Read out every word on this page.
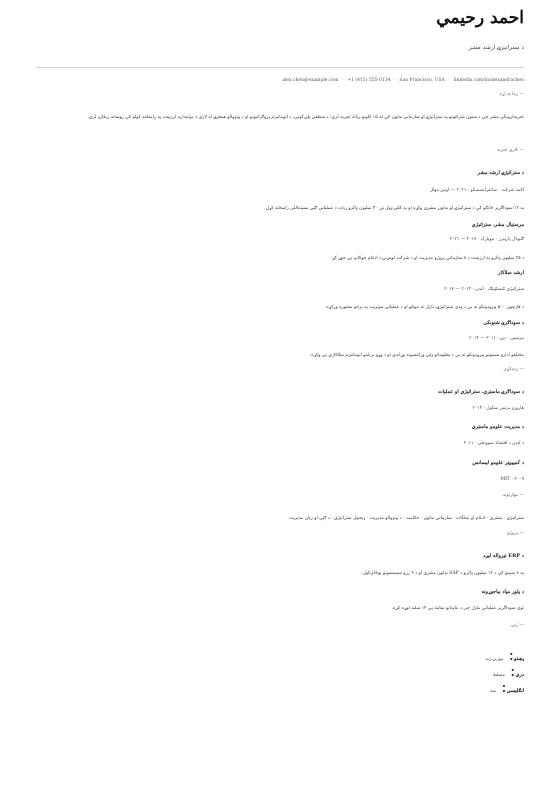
احمد رحيمي
د ستراتيژۍ ارشد مشر
alex.chen@example.com · +1 (415) 555-0134 · San Francisco, USA · linkedin.com/in/alexandrachen
— زما په اړه
تجربه‌لرونکی مشر چې د ستون شرکتونو په ستراتیژۍ او سازماني بدلون کې له ۱۵ کلونو زیاته تجربه لري؛ د منطقې پلې‌کوني، د اتوماتیزم پروګرامونو او د ونډوالو همغږۍ له لارې د دوامداره ارزښت په رامنځته کولو کې روښانه ریکارډ لري.
— کاري تجربه
د ستراتيژۍ ارشد مشر
اکمه شرکت · سانفرانسسکو · ۲۰۲۱ — اوس مهال
په ۱۲ سوداګریز څانګو کې د ستراتیژۍ او بدلون مشري وکړه او په کلنۍ ډول ټن ۳۰ میلیون ډالرو زیات د عملیاتي ګټې بسپنه‌اللی رامنځته کړل.
مرستیال مشر، ستراتيژي
ګلوبال پارټنرز · نيويارک · ۲۰۱۷ — ۲۰۲۱
د ۲۵ میلیون ډالرو په ارزښت د ۸ سازماني پروژو مدیریت او د شرکت لومړنۍ د ادغام چوکاټ یې جوړ کړ.
ارشد سلاکار
ستراتيژي کنسلټينګ · لندن · ۲۰۱۴ — ۲۰۱۷
د فارچون ۵۰۰ پیرودونکو ته یې د ودې ستراتیژۍ، بازار ته ننوتلو او د عملیاتي موثریت په برخو مشوره ورکړه.
د سوداګرۍ شنونکی
مرينبين · دبۍ · ۲۰۱۱ — ۲۰۱۴
مختلفو ادارو بنسټونو پیرودونکو ته یې د معلوماتو ډلې ورانتسونه وړاندې او د وړو برنامو اتوماتیزم سلاکاري یې وکړه.
— زده‌کړې
د سوداګرۍ ماسټري، ستراتيژي او عمليات
هارورډ بزنس سکول · ۲۰۱۳
د مديريت علومو ماسټري
د لندن د اقتصاد ښوونځی · ۲۰۱۱
د کمپيوټر علومو ليسانس
MIT · ۲۰۰۹
— مهارتونه
ستراتيژي · مشري · ادغام او تملکات · سازماني بدلون · حکامت · د ونډوالو مديريت · ډيجيټل ستراتيژي · د ګټې او زيان مديريت
— پروژې
د ERP تيرواله لېږد
په ۶ سېمو کې د ۱۲ میلیون ډالرو د SAP بدلون مشري او د ۹ زرو سیستمونو یوځای‌کول.
د پلور مپاد بیاجوړونه
نوی سوداګریز عملیاتي ماډل چې د عایداتو ساتنه یې ۱۴ سلنه لوړه کړه.
— ژبې
پښتو: مورنۍ ژبه
دري: مسلط
انګليسي: ښه
